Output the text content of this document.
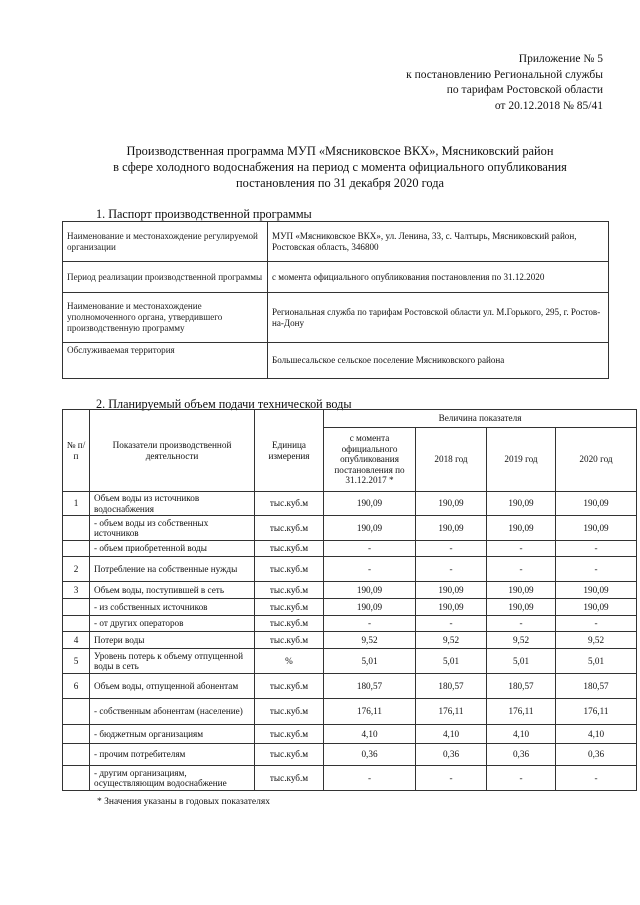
Приложение № 5
к постановлению Региональной службы
по тарифам Ростовской области
от 20.12.2018 № 85/41
Производственная программа МУП «Мясниковское ВКХ», Мясниковский район
в сфере холодного водоснабжения на период с момента официального опубликования
постановления по 31 декабря 2020 года
1. Паспорт производственной программы
Наименование и местонахождение регулируемой организации	МУП «Мясниковское ВКХ», ул. Ленина, 33, с. Чалтырь, Мясниковский район, Ростовская область, 346800
Период реализации производственной программы	с момента официального опубликования постановления по 31.12.2020
Наименование и местонахождение уполномоченного органа, утвердившего производственную программу	Региональная служба по тарифам Ростовской области ул. М.Горького, 295, г. Ростов-на-Дону
Обслуживаемая территория	Большесальское сельское поселение Мясниковского района
2. Планируемый объем подачи технической воды
№ п/п	Показатели производственной деятельности	Единица измерения	Величина показателя			
			с момента официального опубликования постановления по 31.12.2017 *	2018 год	2019 год	2020 год
1	Объем воды из источников водоснабжения	тыс.куб.м	190,09	190,09	190,09	190,09
	- объем воды из собственных источников	тыс.куб.м	190,09	190,09	190,09	190,09
	- объем приобретенной воды	тыс.куб.м	-	-	-	-
2	Потребление на собственные нужды	тыс.куб.м	-	-	-	-
3	Объем воды, поступившей в сеть	тыс.куб.м	190,09	190,09	190,09	190,09
	- из собственных источников	тыс.куб.м	190,09	190,09	190,09	190,09
	- от других операторов	тыс.куб.м	-	-	-	-
4	Потери воды	тыс.куб.м	9,52	9,52	9,52	9,52
5	Уровень потерь к объему отпущенной воды в сеть	%	5,01	5,01	5,01	5,01
6	Объем воды, отпущенной абонентам	тыс.куб.м	180,57	180,57	180,57	180,57
	- собственным абонентам (население)	тыс.куб.м	176,11	176,11	176,11	176,11
	- бюджетным организациям	тыс.куб.м	4,10	4,10	4,10	4,10
	- прочим потребителям	тыс.куб.м	0,36	0,36	0,36	0,36
	- другим организациям, осуществляющим водоснабжение	тыс.куб.м	-	-	-	-
* Значения указаны в годовых показателях
